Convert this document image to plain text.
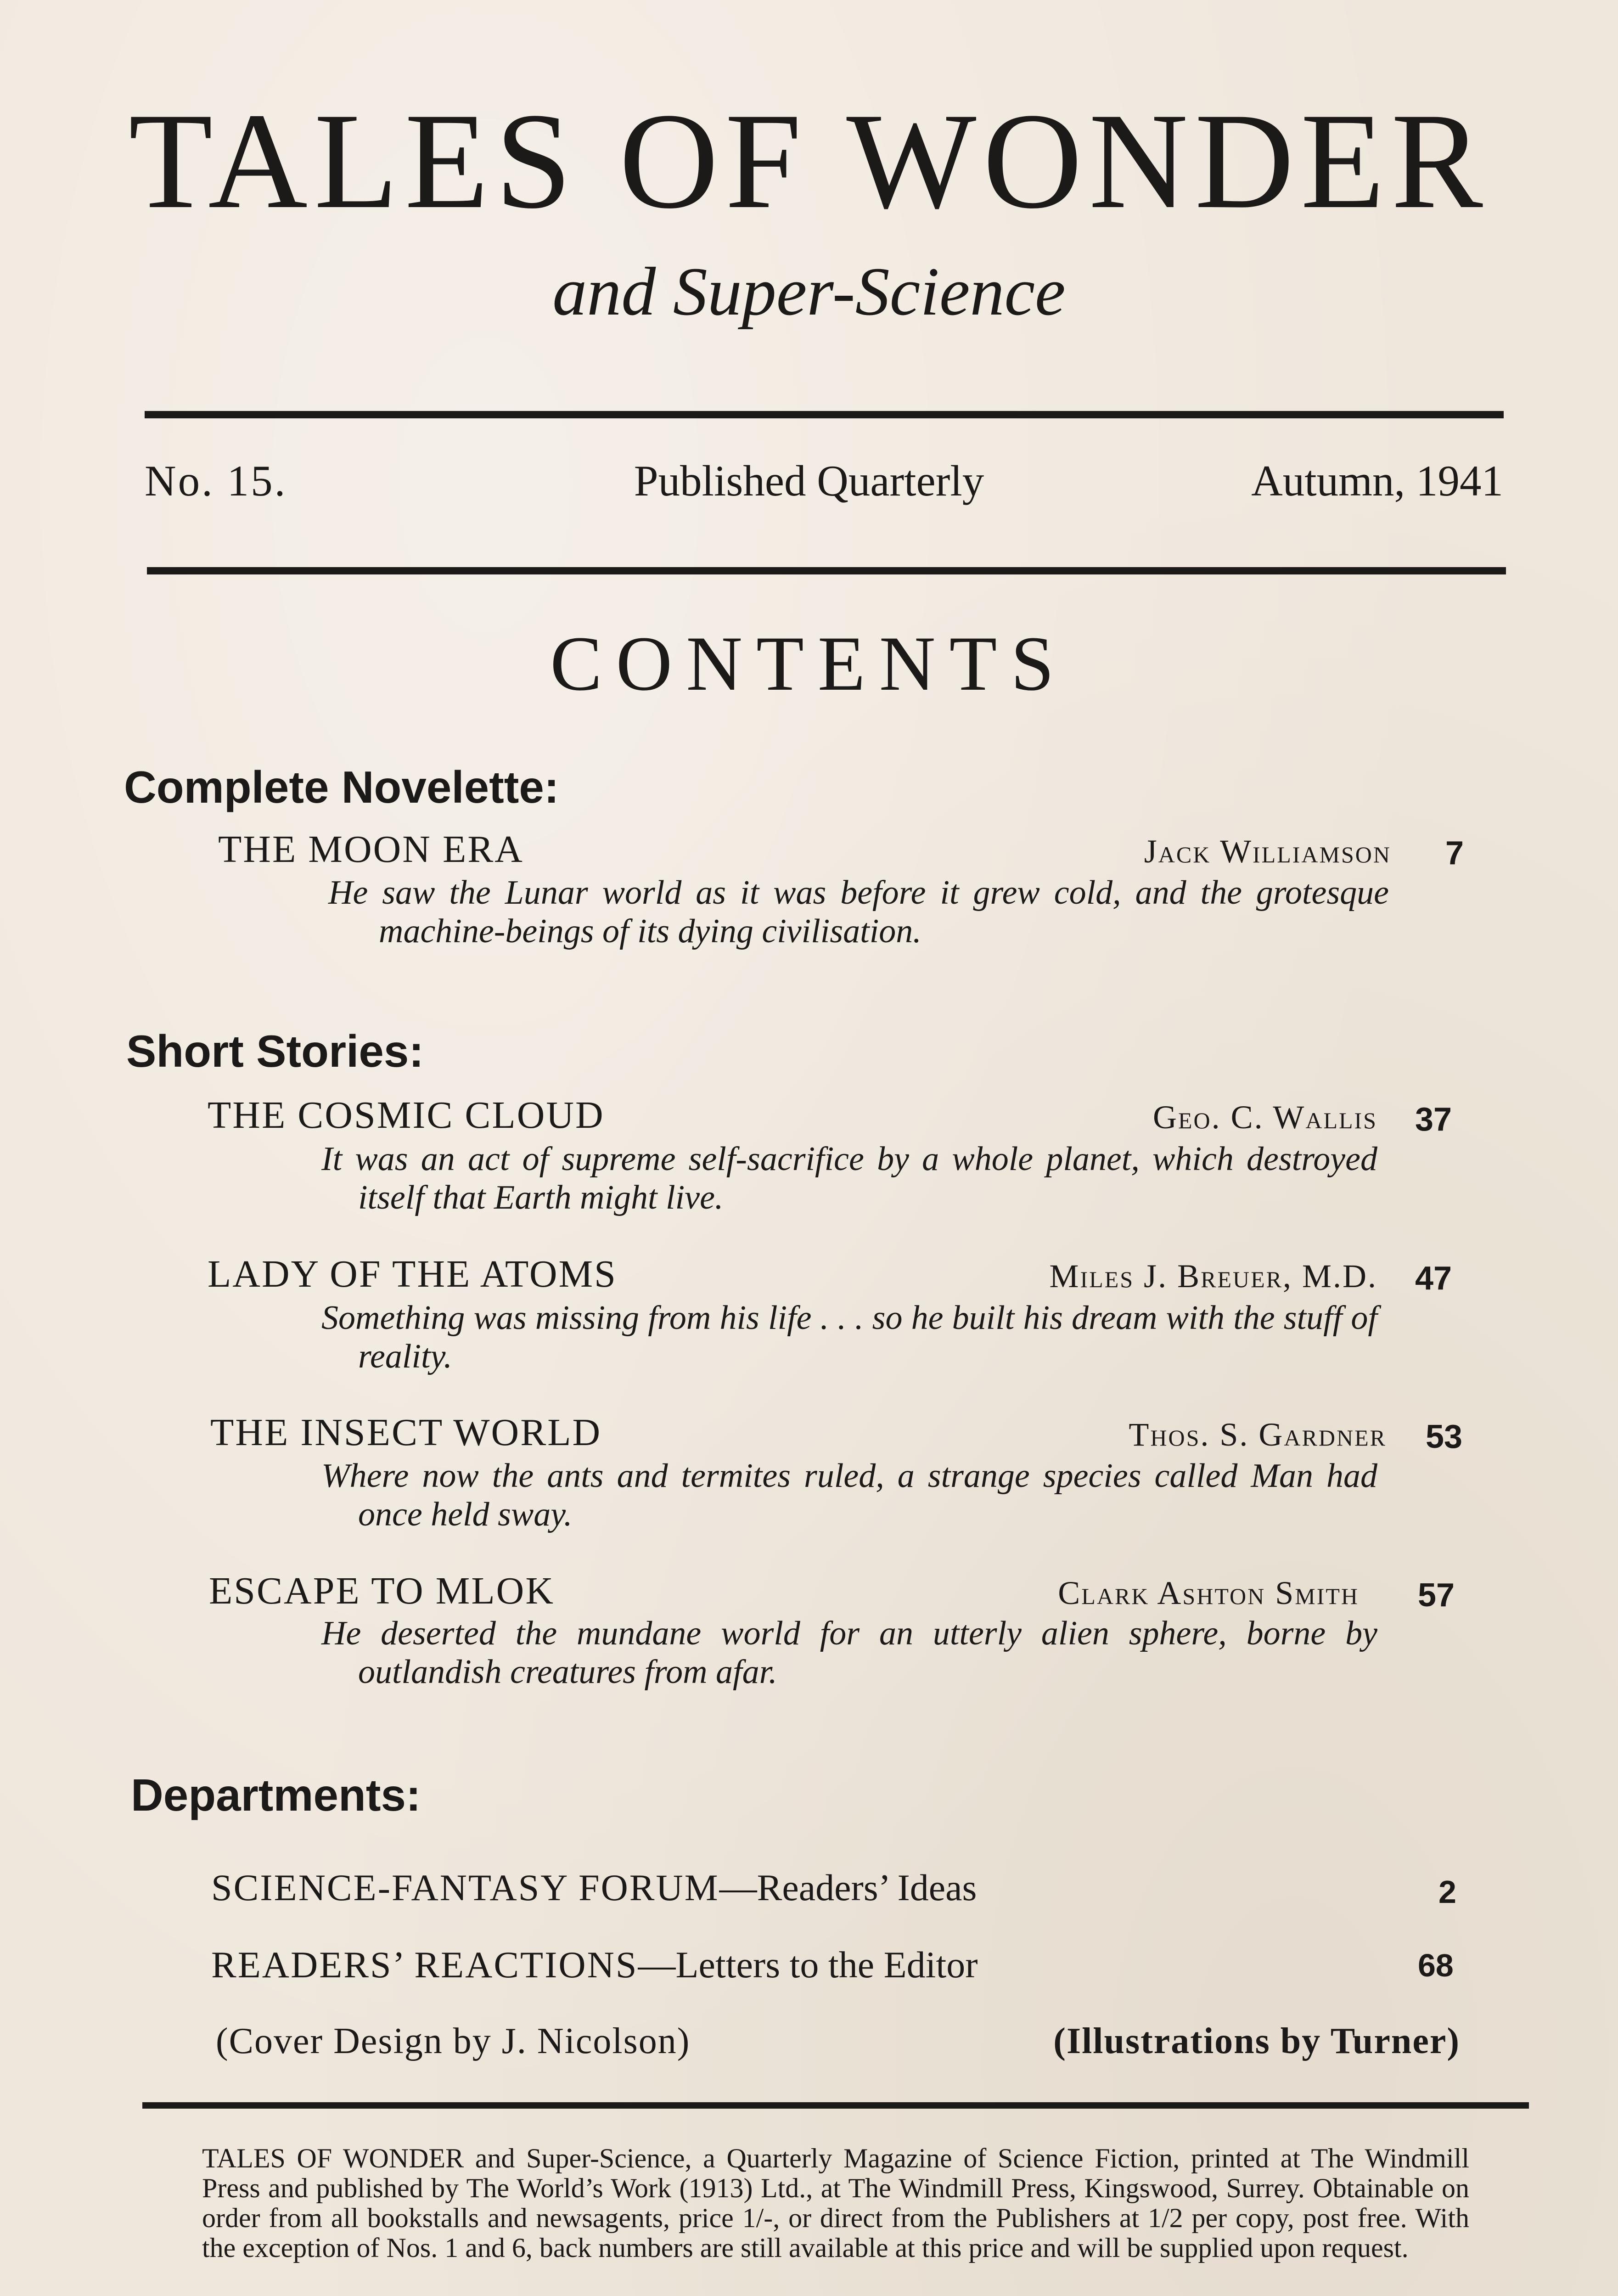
TALES OF WONDER
and Super-Science
No. 15.	Published Quarterly	Autumn, 1941
CONTENTS
Complete Novelette:
THE MOON ERA	Jack Williamson 7
He saw the Lunar world as it was before it grew cold, and the grotesque machine-beings of its dying civilisation.
Short Stories:
THE COSMIC CLOUD	Geo. C. Wallis 37
It was an act of supreme self-sacrifice by a whole planet, which destroyed itself that Earth might live.
LADY OF THE ATOMS	Miles J. Breuer, M.D. 47
Something was missing from his life . . . so he built his dream with the stuff of reality.
THE INSECT WORLD	Thos. S. Gardner 53
Where now the ants and termites ruled, a strange species called Man had once held sway.
ESCAPE TO MLOK	Clark Ashton Smith 57
He deserted the mundane world for an utterly alien sphere, borne by outlandish creatures from afar.
Departments:
SCIENCE-FANTASY FORUM—Readers’ Ideas	2
READERS’ REACTIONS—Letters to the Editor	68
(Cover Design by J. Nicolson)	(Illustrations by Turner)
TALES OF WONDER and Super-Science, a Quarterly Magazine of Science Fiction, printed at The Windmill Press and published by The World’s Work (1913) Ltd., at The Windmill Press, Kingswood, Surrey. Obtainable on order from all bookstalls and newsagents, price 1/-, or direct from the Publishers at 1/2 per copy, post free. With the exception of Nos. 1 and 6, back numbers are still available at this price and will be supplied upon request.
